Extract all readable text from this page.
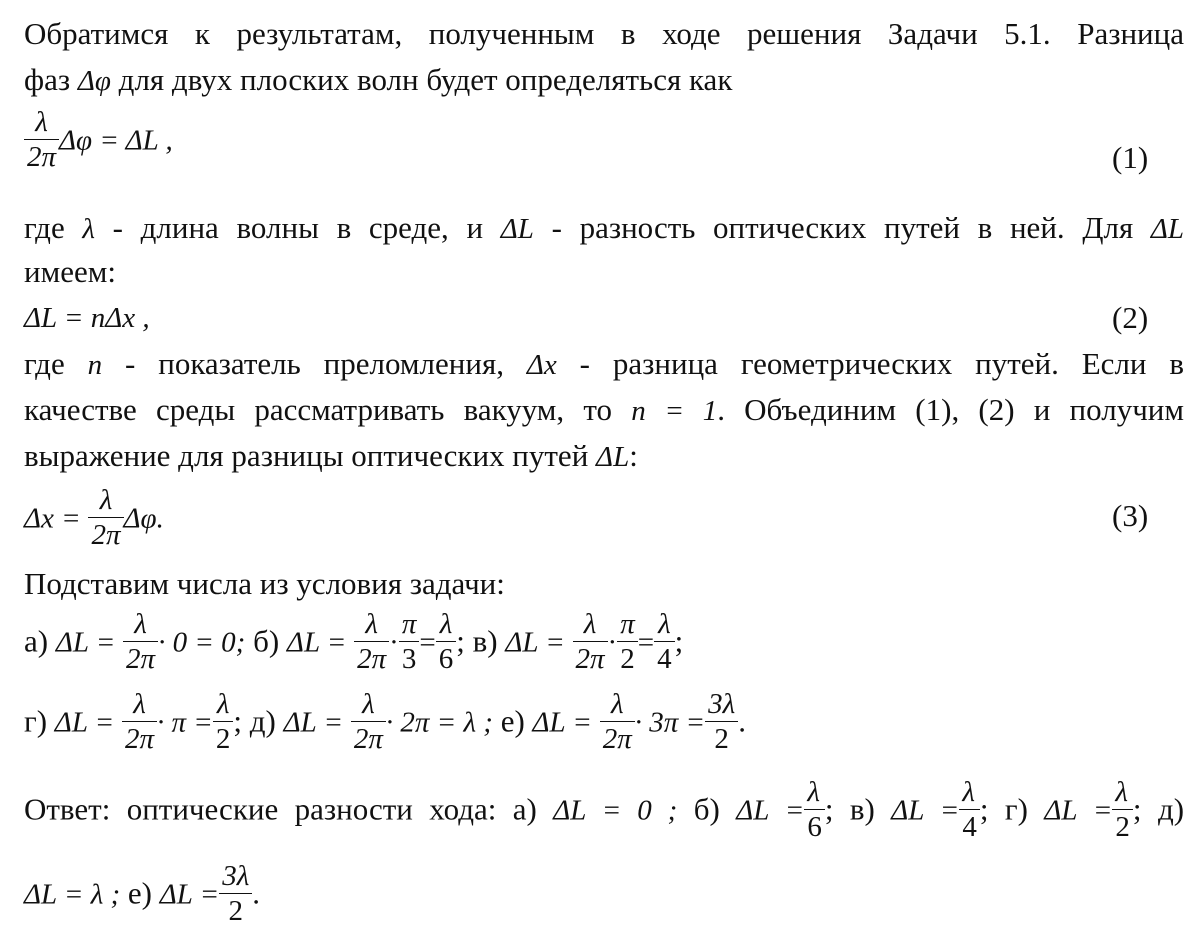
Обратимся к результатам, полученным в ходе решения Задачи 5.1. Разница
фаз Δφ для двух плоских волн будет определяться как
$\frac{\lambda}{2\pi}$ Δφ = ΔL ,	(1)
где λ - длина волны в среде, и ΔL - разность оптических путей в ней. Для ΔL
имеем:
ΔL = nΔx ,	(2)
где n - показатель преломления, Δx - разница геометрических путей. Если в
качестве среды рассматривать вакуум, то n = 1. Объединим (1), (2) и получим
выражение для разницы оптических путей ΔL:
$\Delta x = \frac{\lambda}{2\pi} \Delta\varphi$.	(3)
Подставим числа из условия задачи:
а) $\Delta L = \frac{\lambda}{2\pi} \cdot 0 = 0$; б) $\Delta L = \frac{\lambda}{2\pi} \cdot \frac{\pi}{3} = \frac{\lambda}{6}$ ; в) $\Delta L = \frac{\lambda}{2\pi} \cdot \frac{\pi}{2} = \frac{\lambda}{4}$ ;
г) $\Delta L = \frac{\lambda}{2\pi} \cdot \pi = \frac{\lambda}{2}$ ; д) $\Delta L = \frac{\lambda}{2\pi} \cdot 2\pi = \lambda$ ; е) $\Delta L = \frac{\lambda}{2\pi} \cdot 3\pi = \frac{3\lambda}{2}$ .
Ответ: оптические разности хода: а) ΔL = 0 ; б) $\Delta L = \frac{\lambda}{6}$ ; в) $\Delta L = \frac{\lambda}{4}$ ; г) $\Delta L = \frac{\lambda}{2}$ ; д)
ΔL = λ ; е) $\Delta L = \frac{3\lambda}{2}$ .
